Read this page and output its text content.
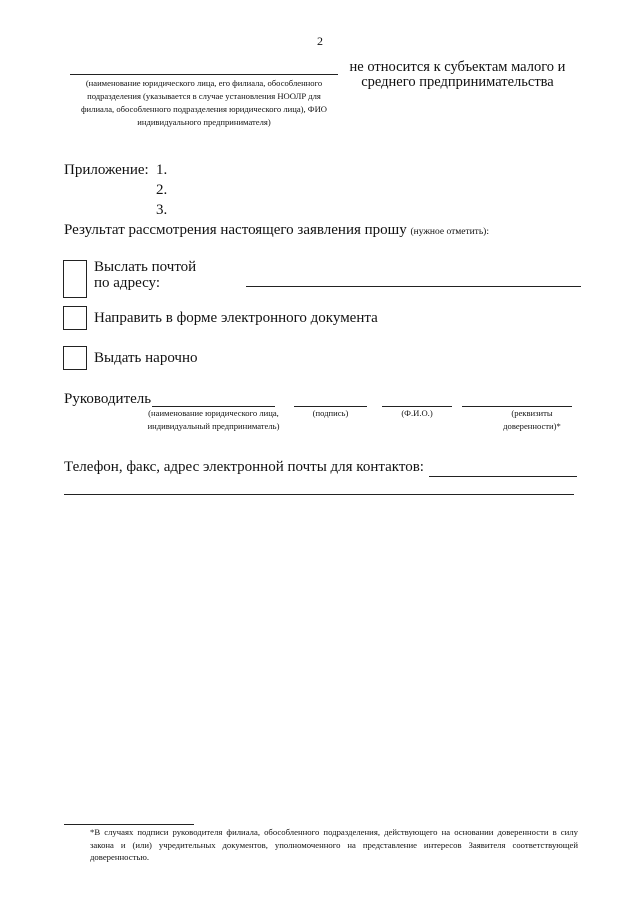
2
(наименование юридического лица, его филиала, обособленного подразделения (указывается в случае установления НООЛР для филиала, обособленного подразделения юридического лица), ФИО индивидуального предпринимателя)
не относится к субъектам малого и
среднего предпринимательства
Приложение: 1.
2.
3.
Результат рассмотрения настоящего заявления прошу (нужное отметить):
Выслать почтой
по адресу:
Направить в форме электронного документа
Выдать нарочно
Руководитель
(наименование юридического лица, индивидуальный предприниматель)
(подпись)	(Ф.И.О.)	(реквизиты доверенности)*
Телефон, факс, адрес электронной почты для контактов:
*В случаях подписи руководителя филиала, обособленного подразделения, действующего на основании доверенности в силу закона и (или) учредительных документов, уполномоченного на представление интересов Заявителя соответствующей доверенностью.
